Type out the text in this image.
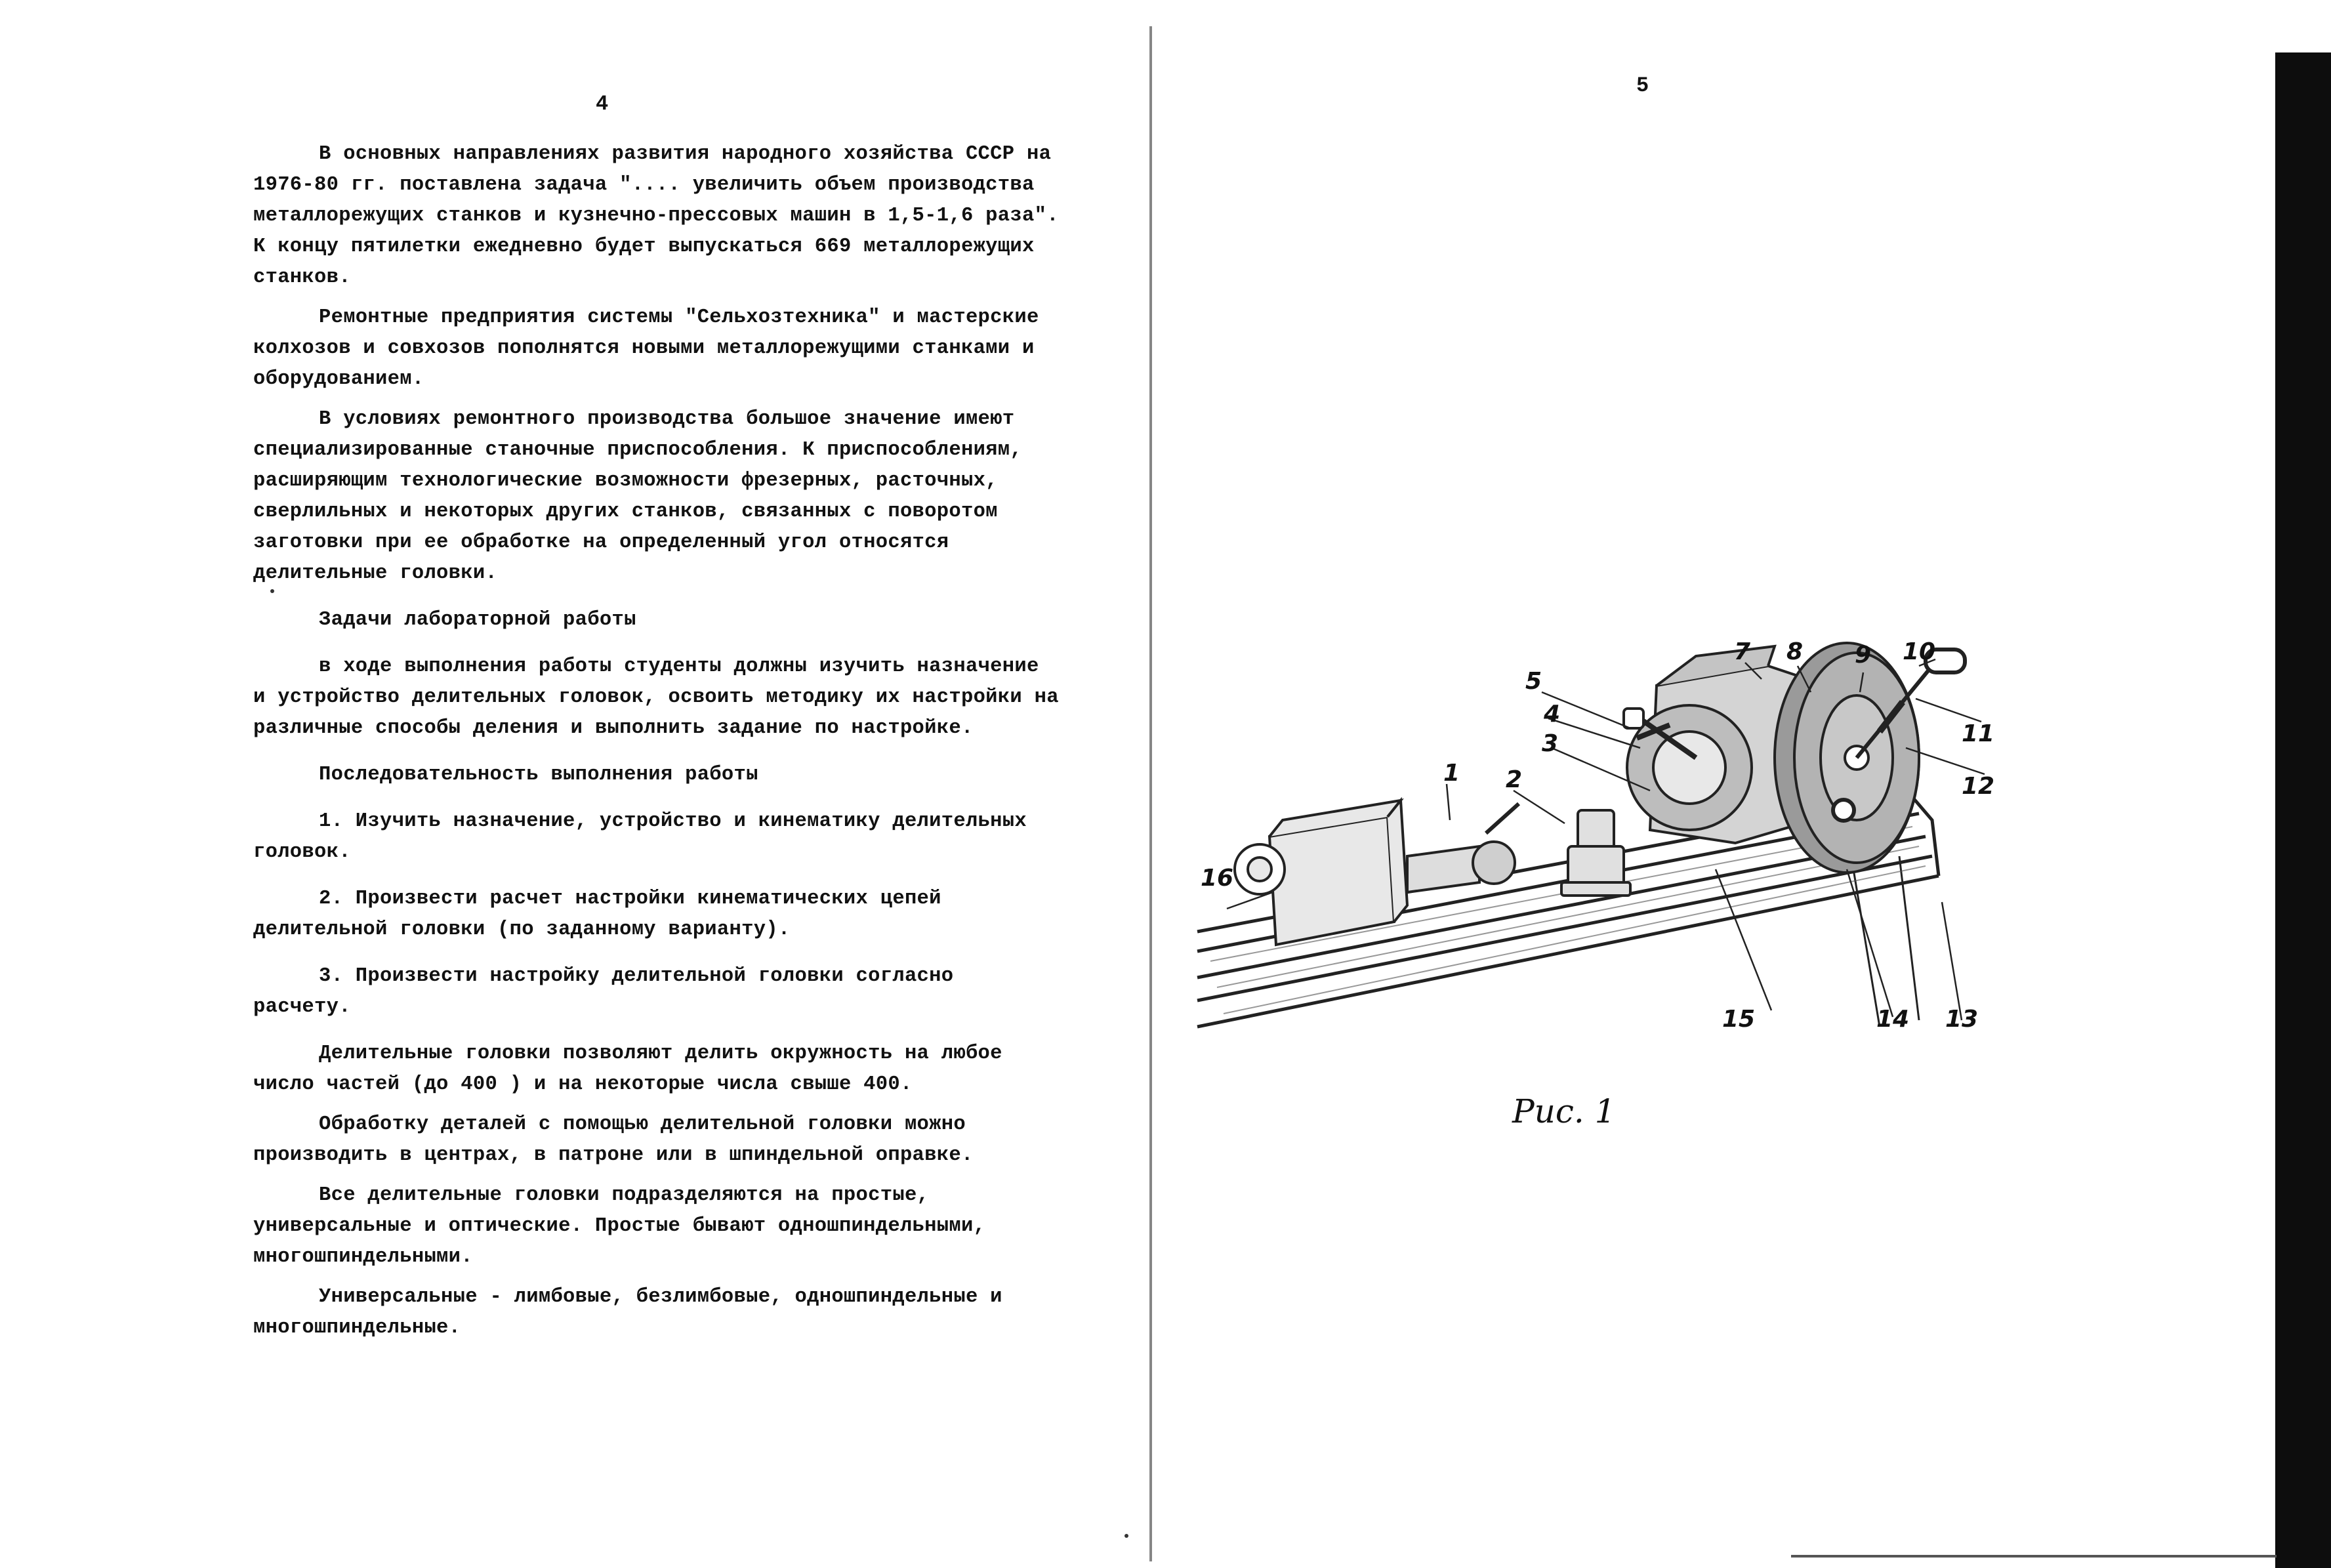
4

В основных направлениях развития народного хозяйства СССР на 1976-80 гг. поставлена задача ".... увеличить объем производства металлорежущих станков и кузнечно-прессовых машин в 1,5-1,6 раза". К концу пятилетки ежедневно будет выпускаться 669 металлорежущих станков.

Ремонтные предприятия системы "Сельхозтехника" и мастерские колхозов и совхозов пополнятся новыми металлорежущими станками и оборудованием.

В условиях ремонтного производства большое значение имеют специализированные станочные приспособления. К приспособлениям, расширяющим технологические возможности фрезерных, расточных, сверлильных и некоторых других станков, связанных с поворотом заготовки при ее обработке на определенный угол относятся делительные головки.

Задачи лабораторной работы

в ходе выполнения работы студенты должны изучить назначение и устройство делительных головок, освоить методику их настройки на различные способы деления и выполнить задание по настройке.

Последовательность выполнения работы

1. Изучить назначение, устройство и кинематику делительных головок.

2. Произвести расчет настройки кинематических цепей делительной головки (по заданному варианту).

3. Произвести настройку делительной головки согласно расчету.

Делительные головки позволяют делить окружность на любое число частей (до 400 ) и на некоторые числа свыше 400.

Обработку деталей с помощью делительной головки можно производить в центрах, в патроне или в шпиндельной оправке.

Все делительные головки подразделяются на простые, универсальные и оптические. Простые бывают одношпиндельными, многошпиндельными.

Универсальные - лимбовые, безлимбовые, одношпиндельные и многошпиндельные.

5
1 2
3
4
5
7 8 9 10
11
12
13
14
15
16
Рис. 1
